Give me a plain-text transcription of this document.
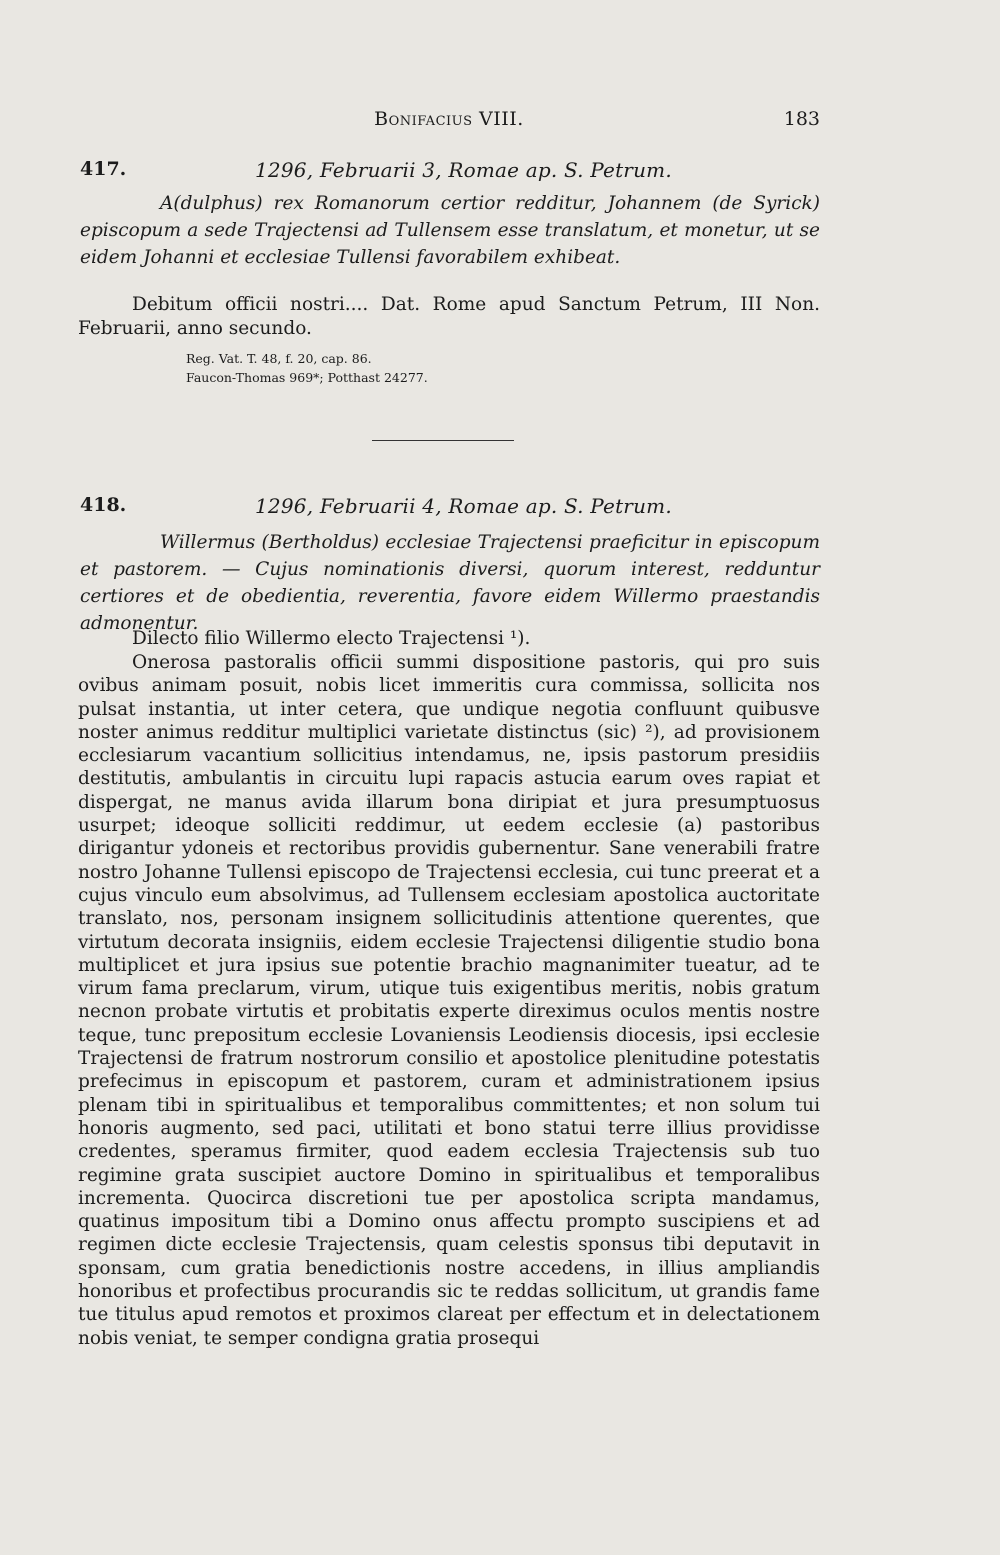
Bonifacius VIII.	183
417.	1296, Februarii 3, Romae ap. S. Petrum.

A(dulphus) rex Romanorum certior redditur, Johannem (de Syrick) episcopum a sede Trajectensi ad Tullensem esse translatum, et monetur, ut se eidem Johanni et ecclesiae Tullensi favorabilem exhibeat.

Debitum officii nostri.... Dat. Rome apud Sanctum Petrum, III Non. Februarii, anno secundo.

Reg. Vat. T. 48, f. 20, cap. 86.
Faucon-Thomas 969*; Potthast 24277.
418.	1296, Februarii 4, Romae ap. S. Petrum.

Willermus (Bertholdus) ecclesiae Trajectensi praeficitur in episcopum et pastorem. — Cujus nominationis diversi, quorum interest, redduntur certiores et de obedientia, reverentia, favore eidem Willermo praestandis admonentur.

Dilecto filio Willermo electo Trajectensi ¹).

Onerosa pastoralis officii summi dispositione pastoris, qui pro suis ovibus animam posuit, nobis licet immeritis cura commissa, sollicita nos pulsat instantia, ut inter cetera, que undique negotia confluunt quibusve noster animus redditur multiplici varietate distinctus (sic) ²), ad provisionem ecclesiarum vacantium sollicitius intendamus, ne, ipsis pastorum presidiis destitutis, ambulantis in circuitu lupi rapacis astucia earum oves rapiat et dispergat, ne manus avida illarum bona diripiat et jura presumptuosus usurpet; ideoque solliciti reddimur, ut eedem ecclesie (a) pastoribus dirigantur ydoneis et rectoribus providis gubernentur. Sane venerabili fratre nostro Johanne Tullensi episcopo de Trajectensi ecclesia, cui tunc preerat et a cujus vinculo eum absolvimus, ad Tullensem ecclesiam apostolica auctoritate translato, nos, personam insignem sollicitudinis attentione querentes, que virtutum decorata insigniis, eidem ecclesie Trajectensi diligentie studio bona multiplicet et jura ipsius sue potentie brachio magnanimiter tueatur, ad te virum fama preclarum, virum, utique tuis exigentibus meritis, nobis gratum necnon probate virtutis et probitatis experte direximus oculos mentis nostre teque, tunc prepositum ecclesie Lovaniensis Leodiensis diocesis, ipsi ecclesie Trajectensi de fratrum nostrorum consilio et apostolice plenitudine potestatis prefecimus in episcopum et pastorem, curam et administrationem ipsius plenam tibi in spiritualibus et temporalibus committentes; et non solum tui honoris augmento, sed paci, utilitati et bono statui terre illius providisse credentes, speramus firmiter, quod eadem ecclesia Trajectensis sub tuo regimine grata suscipiet auctore Domino in spiritualibus et temporalibus incrementa. Quocirca discretioni tue per apostolica scripta mandamus, quatinus impositum tibi a Domino onus affectu prompto suscipiens et ad regimen dicte ecclesie Trajectensis, quam celestis sponsus tibi deputavit in sponsam, cum gratia benedictionis nostre accedens, in illius ampliandis honoribus et profectibus procurandis sic te reddas sollicitum, ut grandis fame tue titulus apud remotos et proximos clareat per effectum et in delectationem nobis veniat, te semper condigna gratia prosequi
